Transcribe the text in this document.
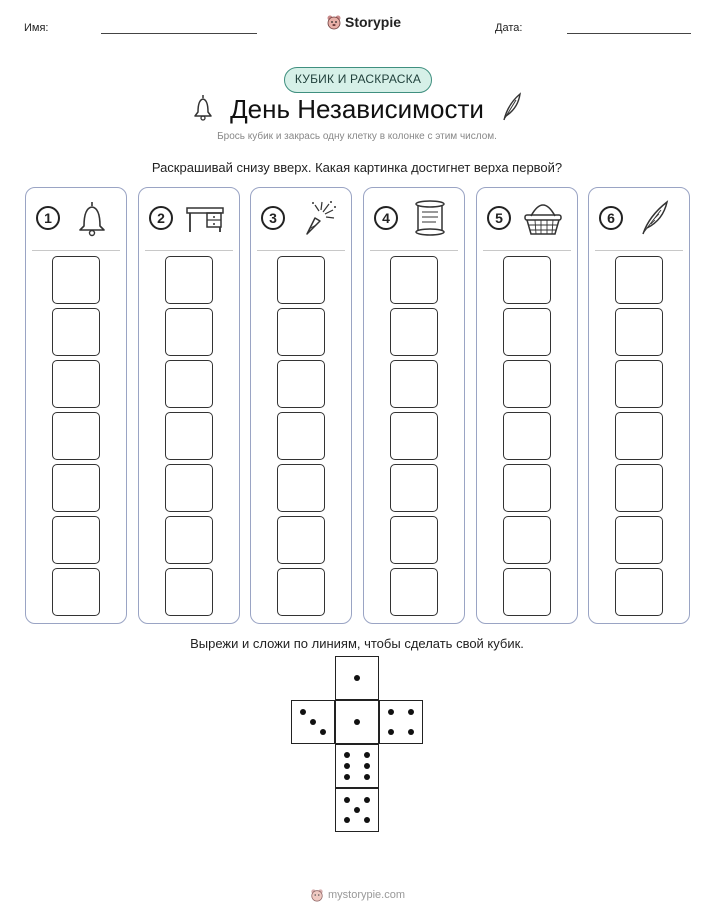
Имя:	Storypie	Дата:
КУБИК И РАСКРАСКА
День Независимости
Брось кубик и закрась одну клетку в колонке с этим числом.
Раскрашивай снизу вверх. Какая картинка достигнет верха первой?
1	2	3	4	5	6
Вырежи и сложи по линиям, чтобы сделать свой кубик.
mystorypie.com
